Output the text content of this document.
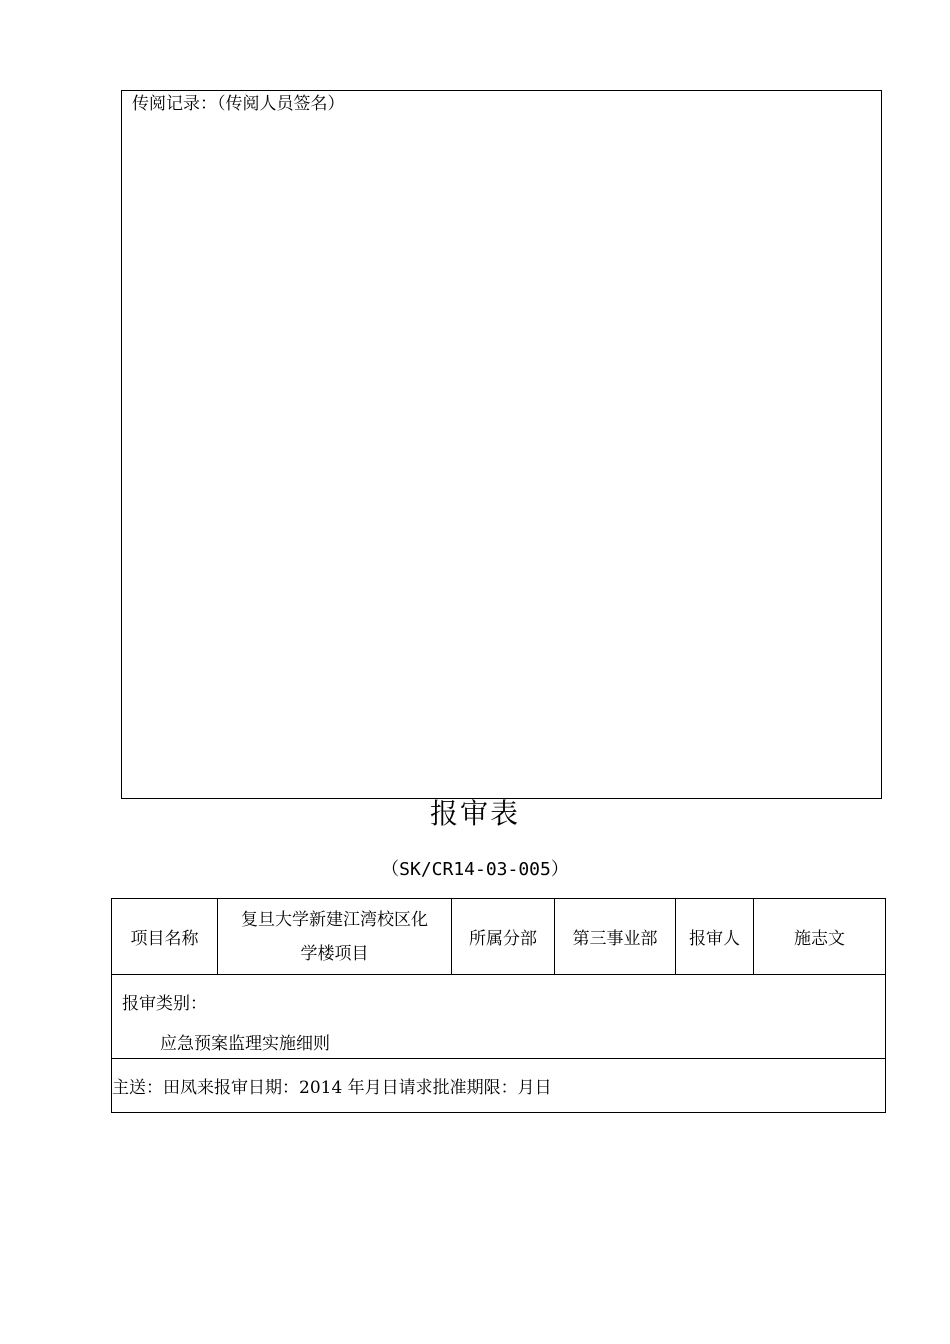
传阅记录：（传阅人员签名）
报审表
（SK/CR14-03-005）
项目名称	复旦大学新建江湾校区化
学楼项目	所属分部	第三事业部	报审人	施志文

报审类别：
应急预案监理实施细则

主送：田凤来报审日期：2014 年月日请求批准期限：月日
